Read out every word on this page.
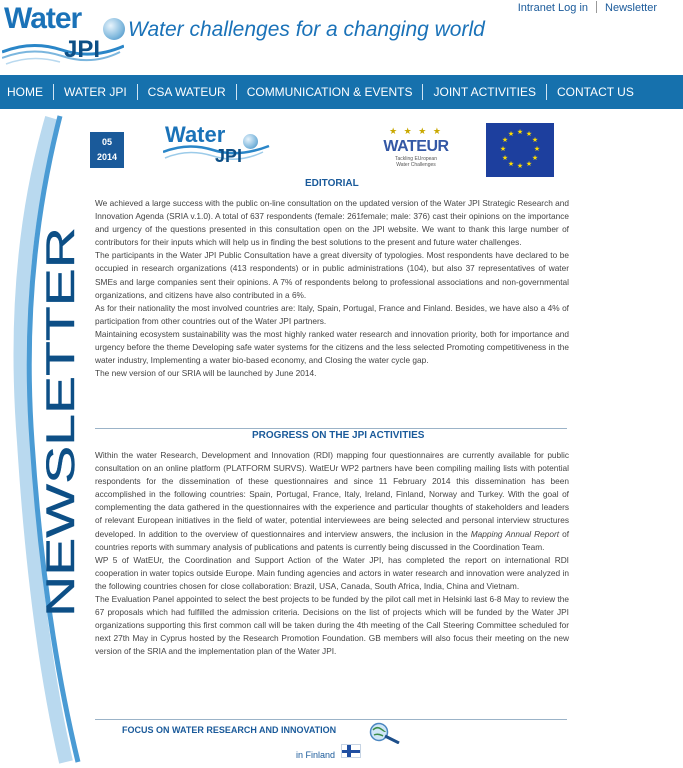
Water
JPI
Water challenges for a changing world
Intranet Log in Newsletter
HOME	WATER JPI	CSA WATEUR	COMMUNICATION & EVENTS	JOINT ACTIVITIES	CONTACT US
NEWSLETTER
05
2014
Water
JPI
★ ★ ★ ★
WATEUR
Tackling EUropean
Water Challenges
★ ★
★
★
★
★
★
★
★
★
★
★
EDITORIAL

We achieved a large success with the public on-line consultation on the updated version of the Water JPI Strategic Research and Innovation Agenda (SRIA v.1.0). A total of 637 respondents (female: 261female; male: 376) cast their opinions on the importance and urgency of the questions presented in this consultation open on the JPI website. We want to thank this large number of contributors for their inputs which will help us in finding the best solutions to the present and future water challenges.

The participants in the Water JPI Public Consultation have a great diversity of typologies. Most respondents have declared to be occupied in research organizations (413 respondents) or in public administrations (104), but also 37 representatives of water SMEs and large companies sent their opinions. A 7% of respondents belong to professional associations and non-governmental organizations, and citizens have also contributed in a 6%.

As for their nationality the most involved countries are: Italy, Spain, Portugal, France and Finland. Besides, we have also a 4% of participation from other countries out of the Water JPI partners.

Maintaining ecosystem sustainability was the most highly ranked water research and innovation priority, both for importance and urgency before the theme Developing safe water systems for the citizens and the less selected Promoting competitiveness in the water industry, Implementing a water bio-based economy, and Closing the water cycle gap.

The new version of our SRIA will be launched by June 2014.

PROGRESS ON THE JPI ACTIVITIES

Within the water Research, Development and Innovation (RDI) mapping four questionnaires are currently available for public consultation on an online platform (PLATFORM SURVS). WatEUr WP2 partners have been compiling mailing lists with potential respondents for the dissemination of these questionnaires and since 11 February 2014 this dissemination has been accomplished in the following countries: Spain, Portugal, France, Italy, Ireland, Finland, Norway and Turkey. With the goal of complementing the data gathered in the questionnaires with the experience and particular thoughts of stakeholders and leaders of relevant European initiatives in the field of water, potential interviewees are being selected and personal interview structures developed. In addition to the overview of questionnaires and interview answers, the inclusion in the Mapping Annual Report of countries reports with summary analysis of publications and patents is currently being discussed in the Coordination Team.

WP 5 of WatEUr, the Coordination and Support Action of the Water JPI, has completed the report on international RDI cooperation in water topics outside Europe. Main funding agencies and actors in water research and innovation were analyzed in the following countries chosen for close collaboration: Brazil, USA, Canada, South Africa, India, China and Vietnam.

The Evaluation Panel appointed to select the best projects to be funded by the pilot call met in Helsinki last 6-8 May to review the 67 proposals which had fulfilled the admission criteria. Decisions on the list of projects which will be funded by the Water JPI organizations supporting this first common call will be taken during the 4th meeting of the Call Steering Committee scheduled for next 27th May in Cyprus hosted by the Research Promotion Foundation. GB members will also focus their meeting on the new version of the SRIA and the implementation plan of the Water JPI.

FOCUS ON WATER RESEARCH AND INNOVATION
in Finland
